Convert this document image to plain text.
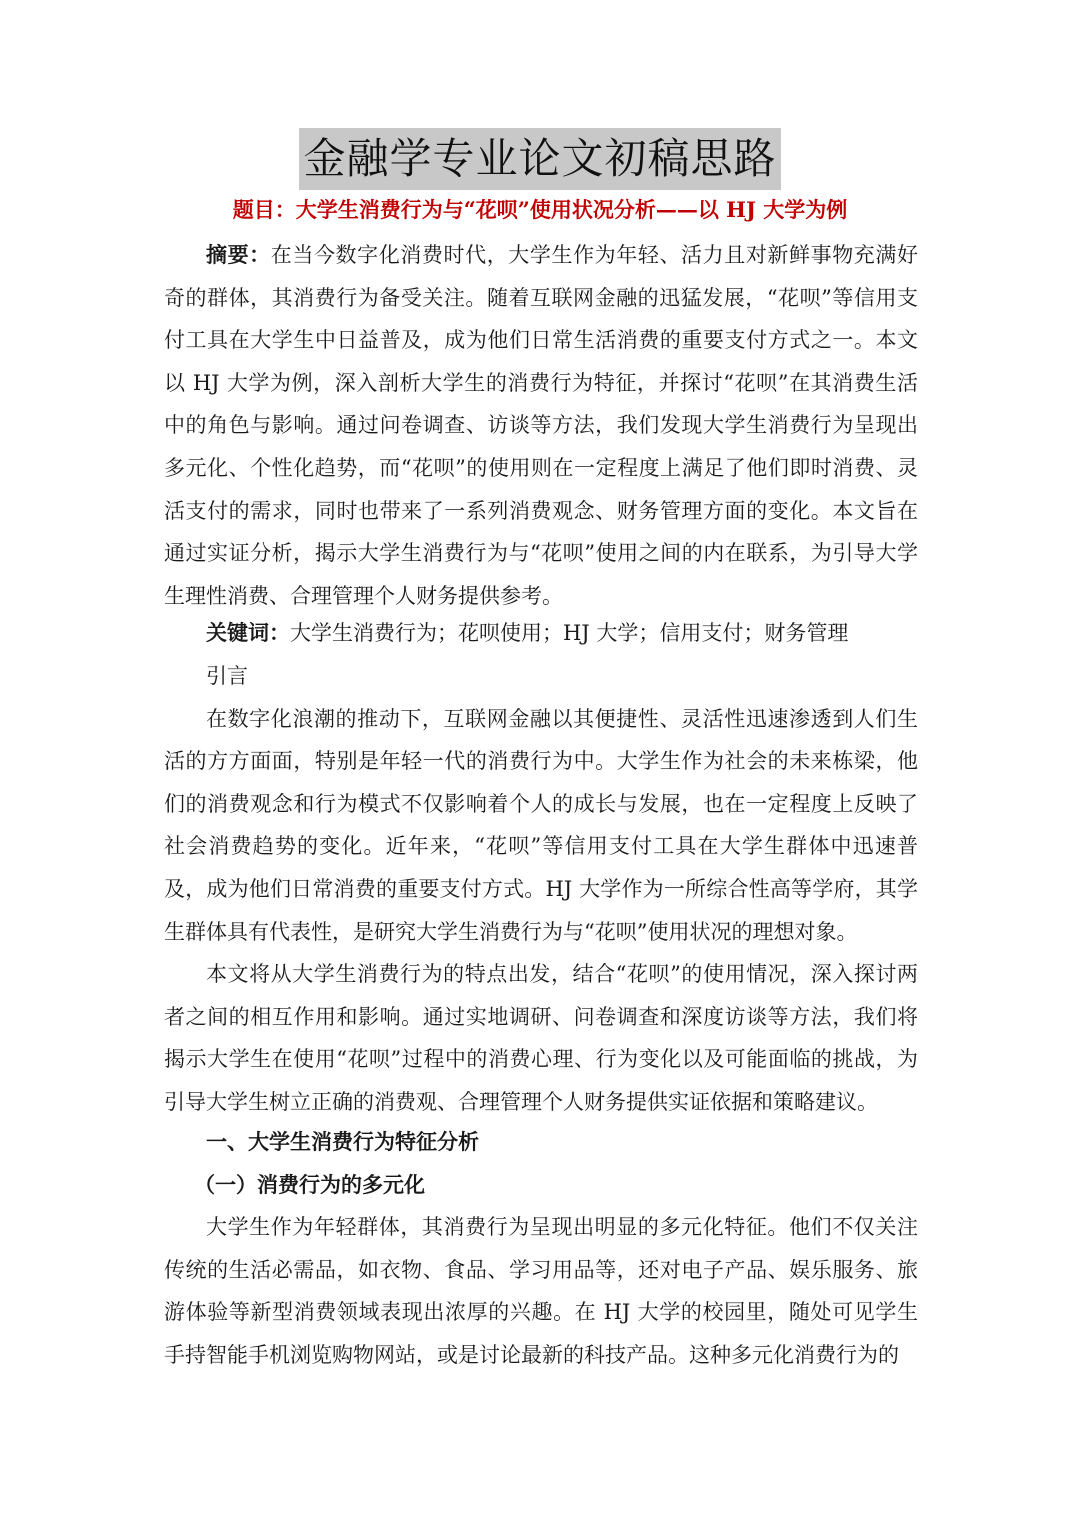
金融学专业论文初稿思路
题目：大学生消费行为与“花呗”使用状况分析——以 HJ 大学为例

摘要：在当今数字化消费时代，大学生作为年轻、活力且对新鲜事物充满好奇的群体，其消费行为备受关注。随着互联网金融的迅猛发展，“花呗”等信用支付工具在大学生中日益普及，成为他们日常生活消费的重要支付方式之一。本文以 HJ 大学为例，深入剖析大学生的消费行为特征，并探讨“花呗”在其消费生活中的角色与影响。通过问卷调查、访谈等方法，我们发现大学生消费行为呈现出多元化、个性化趋势，而“花呗”的使用则在一定程度上满足了他们即时消费、灵活支付的需求，同时也带来了一系列消费观念、财务管理方面的变化。本文旨在通过实证分析，揭示大学生消费行为与“花呗”使用之间的内在联系，为引导大学生理性消费、合理管理个人财务提供参考。

关键词：大学生消费行为；花呗使用；HJ 大学；信用支付；财务管理

引言

在数字化浪潮的推动下，互联网金融以其便捷性、灵活性迅速渗透到人们生活的方方面面，特别是年轻一代的消费行为中。大学生作为社会的未来栋梁，他们的消费观念和行为模式不仅影响着个人的成长与发展，也在一定程度上反映了社会消费趋势的变化。近年来，“花呗”等信用支付工具在大学生群体中迅速普及，成为他们日常消费的重要支付方式。HJ 大学作为一所综合性高等学府，其学生群体具有代表性，是研究大学生消费行为与“花呗”使用状况的理想对象。

本文将从大学生消费行为的特点出发，结合“花呗”的使用情况，深入探讨两者之间的相互作用和影响。通过实地调研、问卷调查和深度访谈等方法，我们将揭示大学生在使用“花呗”过程中的消费心理、行为变化以及可能面临的挑战，为引导大学生树立正确的消费观、合理管理个人财务提供实证依据和策略建议。

一、大学生消费行为特征分析

（一）消费行为的多元化

大学生作为年轻群体，其消费行为呈现出明显的多元化特征。他们不仅关注传统的生活必需品，如衣物、食品、学习用品等，还对电子产品、娱乐服务、旅游体验等新型消费领域表现出浓厚的兴趣。在 HJ 大学的校园里，随处可见学生手持智能手机浏览购物网站，或是讨论最新的科技产品。这种多元化消费行为的
